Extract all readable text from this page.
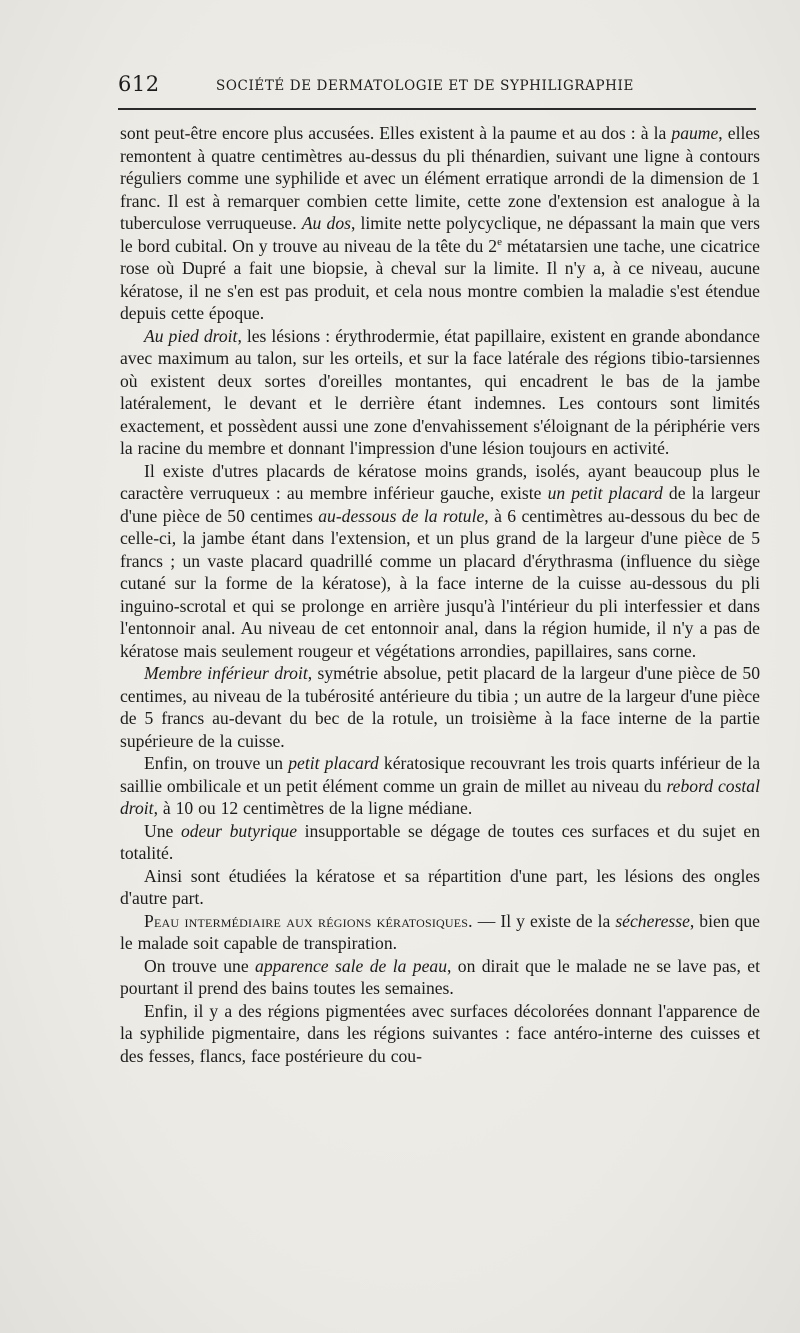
612	SOCIÉTÉ DE DERMATOLOGIE ET DE SYPHILIGRAPHIE

sont peut-être encore plus accusées. Elles existent à la paume et au dos : à la paume, elles remontent à quatre centimètres au-dessus du pli thénardien, suivant une ligne à contours réguliers comme une syphilide et avec un élément erratique arrondi de la dimension de 1 franc. Il est à remarquer combien cette limite, cette zone d'extension est analogue à la tuberculose verruqueuse. Au dos, limite nette polycyclique, ne dépassant la main que vers le bord cubital. On y trouve au niveau de la tête du 2e métatarsien une tache, une cicatrice rose où Dupré a fait une biopsie, à cheval sur la limite. Il n'y a, à ce niveau, aucune kératose, il ne s'en est pas produit, et cela nous montre combien la maladie s'est étendue depuis cette époque.

Au pied droit, les lésions : érythrodermie, état papillaire, existent en grande abondance avec maximum au talon, sur les orteils, et sur la face latérale des régions tibio-tarsiennes où existent deux sortes d'oreilles montantes, qui encadrent le bas de la jambe latéralement, le devant et le derrière étant indemnes. Les contours sont limités exactement, et possèdent aussi une zone d'envahissement s'éloignant de la périphérie vers la racine du membre et donnant l'impression d'une lésion toujours en activité.

Il existe d'utres placards de kératose moins grands, isolés, ayant beaucoup plus le caractère verruqueux : au membre inférieur gauche, existe un petit placard de la largeur d'une pièce de 50 centimes au-dessous de la rotule, à 6 centimètres au-dessous du bec de celle-ci, la jambe étant dans l'extension, et un plus grand de la largeur d'une pièce de 5 francs ; un vaste placard quadrillé comme un placard d'érythrasma (influence du siège cutané sur la forme de la kératose), à la face interne de la cuisse au-dessous du pli inguino-scrotal et qui se prolonge en arrière jusqu'à l'intérieur du pli interfessier et dans l'entonnoir anal. Au niveau de cet entonnoir anal, dans la région humide, il n'y a pas de kératose mais seulement rougeur et végétations arrondies, papillaires, sans corne.

Membre inférieur droit, symétrie absolue, petit placard de la largeur d'une pièce de 50 centimes, au niveau de la tubérosité antérieure du tibia ; un autre de la largeur d'une pièce de 5 francs au-devant du bec de la rotule, un troisième à la face interne de la partie supérieure de la cuisse.

Enfin, on trouve un petit placard kératosique recouvrant les trois quarts inférieur de la saillie ombilicale et un petit élément comme un grain de millet au niveau du rebord costal droit, à 10 ou 12 centimètres de la ligne médiane.

Une odeur butyrique insupportable se dégage de toutes ces surfaces et du sujet en totalité.

Ainsi sont étudiées la kératose et sa répartition d'une part, les lésions des ongles d'autre part.

Peau intermédiaire aux régions kératosiques. — Il y existe de la sécheresse, bien que le malade soit capable de transpiration.

On trouve une apparence sale de la peau, on dirait que le malade ne se lave pas, et pourtant il prend des bains toutes les semaines.

Enfin, il y a des régions pigmentées avec surfaces décolorées donnant l'apparence de la syphilide pigmentaire, dans les régions suivantes : face antéro-interne des cuisses et des fesses, flancs, face postérieure du cou-
